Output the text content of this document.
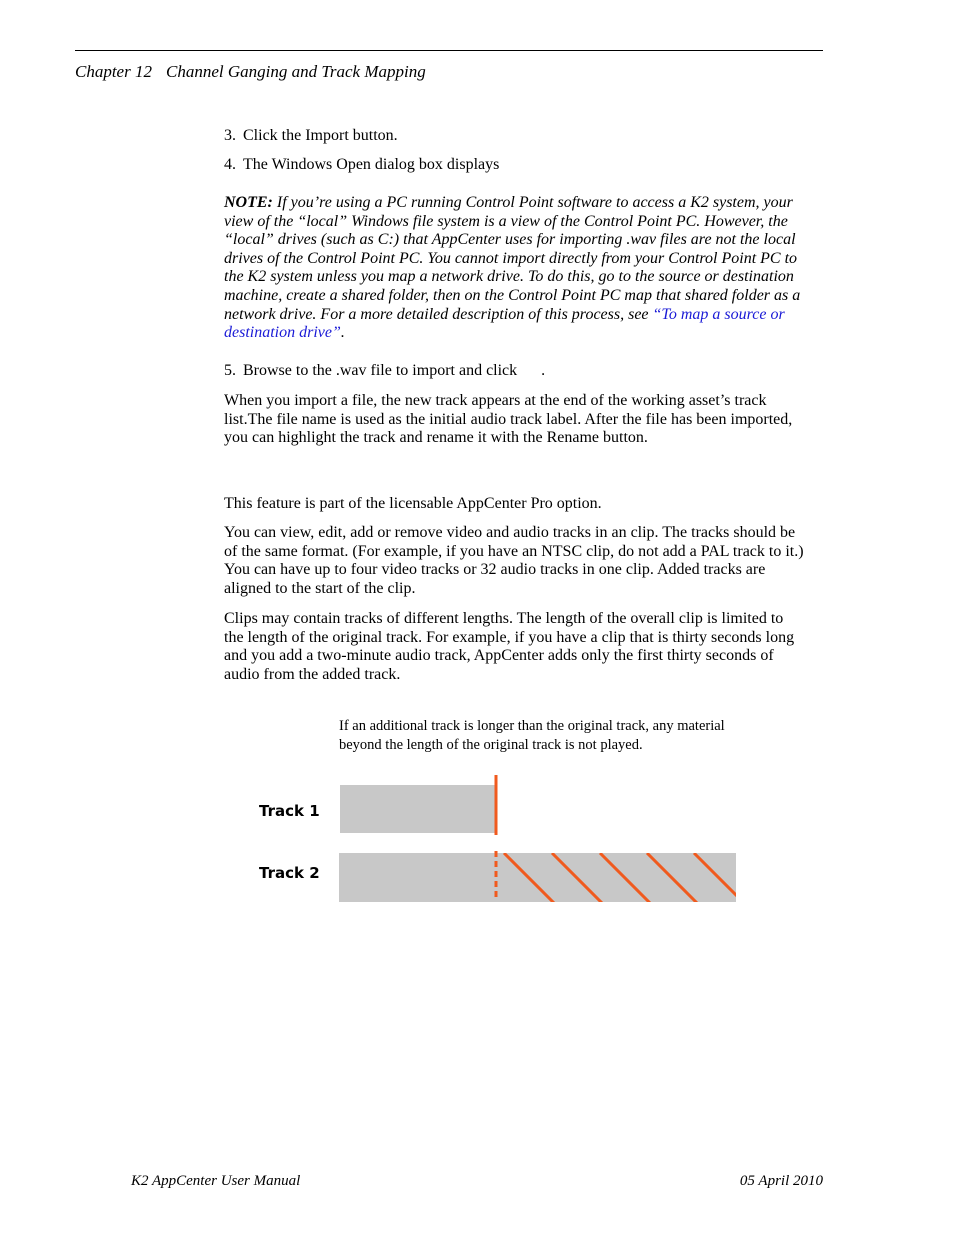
Chapter 12 Channel Ganging and Track Mapping
3. Click the Import button.
4. The Windows Open dialog box displays
NOTE: If you’re using a PC running Control Point software to access a K2 system, your view of the “local” Windows file system is a view of the Control Point PC. However, the “local” drives (such as C:) that AppCenter uses for importing .wav files are not the local drives of the Control Point PC. You cannot import directly from your Control Point PC to the K2 system unless you map a network drive. To do this, go to the source or destination machine, create a shared folder, then on the Control Point PC map that shared folder as a network drive. For a more detailed description of this process, see “To map a source or destination drive”.
5. Browse to the .wav file to import and click .
When you import a file, the new track appears at the end of the working asset’s track list.The file name is used as the initial audio track label. After the file has been imported, you can highlight the track and rename it with the Rename button.
This feature is part of the licensable AppCenter Pro option.
You can view, edit, add or remove video and audio tracks in an clip. The tracks should be of the same format. (For example, if you have an NTSC clip, do not add a PAL track to it.) You can have up to four video tracks or 32 audio tracks in one clip. Added tracks are aligned to the start of the clip.
Clips may contain tracks of different lengths. The length of the overall clip is limited to the length of the original track. For example, if you have a clip that is thirty seconds long and you add a two-minute audio track, AppCenter adds only the first thirty seconds of audio from the added track.
If an additional track is longer than the original track, any material beyond the length of the original track is not played.
Track 1
Track 2
K2 AppCenter User Manual	05 April 2010
